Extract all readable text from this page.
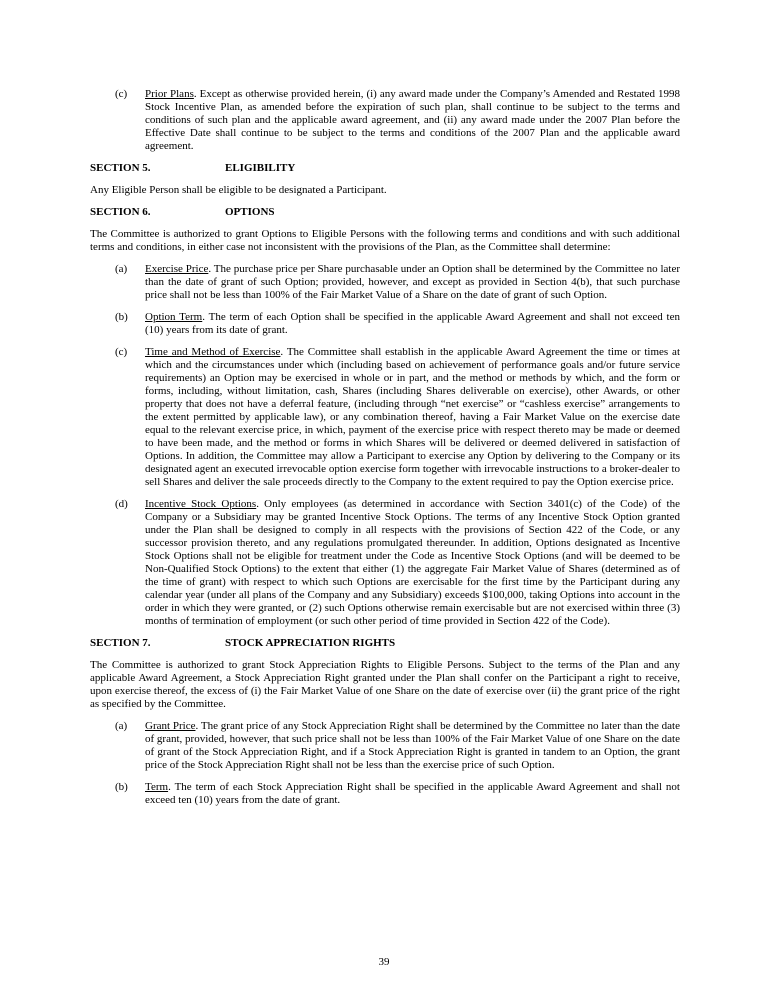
(c) Prior Plans. Except as otherwise provided herein, (i) any award made under the Company’s Amended and Restated 1998 Stock Incentive Plan, as amended before the expiration of such plan, shall continue to be subject to the terms and conditions of such plan and the applicable award agreement, and (ii) any award made under the 2007 Plan before the Effective Date shall continue to be subject to the terms and conditions of the 2007 Plan and the applicable award agreement.
SECTION 5.	ELIGIBILITY

Any Eligible Person shall be eligible to be designated a Participant.

SECTION 6.	OPTIONS

The Committee is authorized to grant Options to Eligible Persons with the following terms and conditions and with such additional terms and conditions, in either case not inconsistent with the provisions of the Plan, as the Committee shall determine:

(a) Exercise Price. The purchase price per Share purchasable under an Option shall be determined by the Committee no later than the date of grant of such Option; provided, however, and except as provided in Section 4(b), that such purchase price shall not be less than 100% of the Fair Market Value of a Share on the date of grant of such Option.
(b) Option Term. The term of each Option shall be specified in the applicable Award Agreement and shall not exceed ten (10) years from its date of grant.
(c) Time and Method of Exercise. The Committee shall establish in the applicable Award Agreement the time or times at which and the circumstances under which (including based on achievement of performance goals and/or future service requirements) an Option may be exercised in whole or in part, and the method or methods by which, and the form or forms, including, without limitation, cash, Shares (including Shares deliverable on exercise), other Awards, or other property that does not have a deferral feature, (including through “net exercise” or “cashless exercise” arrangements to the extent permitted by applicable law), or any combination thereof, having a Fair Market Value on the exercise date equal to the relevant exercise price, in which, payment of the exercise price with respect thereto may be made or deemed to have been made, and the method or forms in which Shares will be delivered or deemed delivered in satisfaction of Options. In addition, the Committee may allow a Participant to exercise any Option by delivering to the Company or its designated agent an executed irrevocable option exercise form together with irrevocable instructions to a broker-dealer to sell Shares and deliver the sale proceeds directly to the Company to the extent required to pay the Option exercise price.
(d) Incentive Stock Options. Only employees (as determined in accordance with Section 3401(c) of the Code) of the Company or a Subsidiary may be granted Incentive Stock Options. The terms of any Incentive Stock Option granted under the Plan shall be designed to comply in all respects with the provisions of Section 422 of the Code, or any successor provision thereto, and any regulations promulgated thereunder. In addition, Options designated as Incentive Stock Options shall not be eligible for treatment under the Code as Incentive Stock Options (and will be deemed to be Non-Qualified Stock Options) to the extent that either (1) the aggregate Fair Market Value of Shares (determined as of the time of grant) with respect to which such Options are exercisable for the first time by the Participant during any calendar year (under all plans of the Company and any Subsidiary) exceeds $100,000, taking Options into account in the order in which they were granted, or (2) such Options otherwise remain exercisable but are not exercised within three (3) months of termination of employment (or such other period of time provided in Section 422 of the Code).
SECTION 7.	STOCK APPRECIATION RIGHTS

The Committee is authorized to grant Stock Appreciation Rights to Eligible Persons. Subject to the terms of the Plan and any applicable Award Agreement, a Stock Appreciation Right granted under the Plan shall confer on the Participant a right to receive, upon exercise thereof, the excess of (i) the Fair Market Value of one Share on the date of exercise over (ii) the grant price of the right as specified by the Committee.

(a) Grant Price. The grant price of any Stock Appreciation Right shall be determined by the Committee no later than the date of grant, provided, however, that such price shall not be less than 100% of the Fair Market Value of one Share on the date of grant of the Stock Appreciation Right, and if a Stock Appreciation Right is granted in tandem to an Option, the grant price of the Stock Appreciation Right shall not be less than the exercise price of such Option.
(b) Term. The term of each Stock Appreciation Right shall be specified in the applicable Award Agreement and shall not exceed ten (10) years from the date of grant.
39
